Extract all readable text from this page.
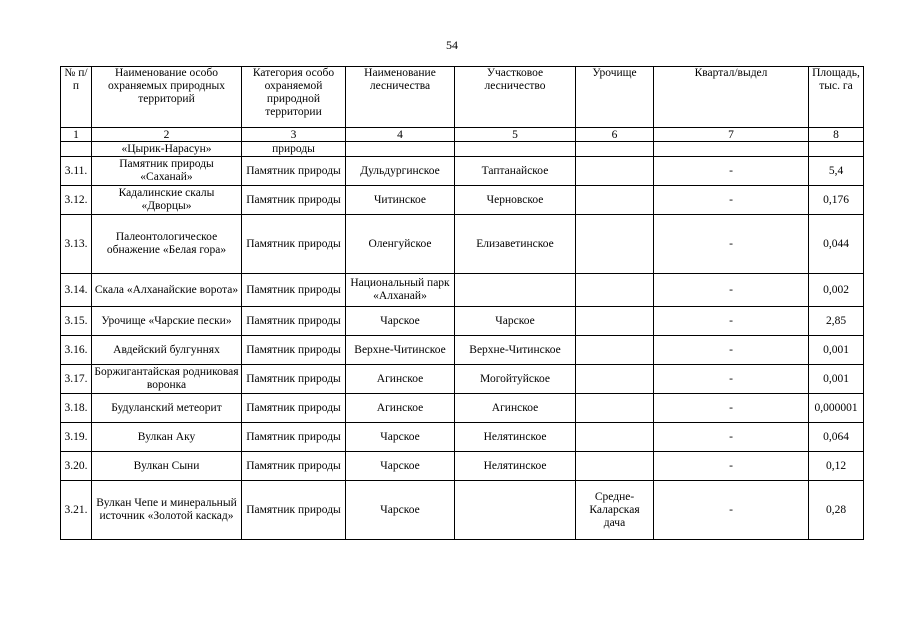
54
№ п/п	Наименование особо охраняемых природных территорий	Категория особо охраняемой природной территории	Наименование лесничества	Участковое лесничество	Урочище	Квартал/выдел	Площадь, тыс. га
1	2	3	4	5	6	7	8
	«Цырик-Нарасун»	природы					
3.11.	Памятник природы «Саханай»	Памятник природы	Дульдургинское	Таптанайское		-	5,4
3.12.	Кадалинские скалы «Дворцы»	Памятник природы	Читинское	Черновское		-	0,176
3.13.	Палеонтологическое обнажение «Белая гора»	Памятник природы	Оленгуйское	Елизаветинское		-	0,044
3.14.	Скала «Алханайские ворота»	Памятник природы	Национальный парк «Алханай»			-	0,002
3.15.	Урочище «Чарские пески»	Памятник природы	Чарское	Чарское		-	2,85
3.16.	Авдейский булгуннях	Памятник природы	Верхне-Читинское	Верхне-Читинское		-	0,001
3.17.	Боржигантайская родниковая воронка	Памятник природы	Агинское	Могойтуйское		-	0,001
3.18.	Будуланский метеорит	Памятник природы	Агинское	Агинское		-	0,000001
3.19.	Вулкан Аку	Памятник природы	Чарское	Нелятинское		-	0,064
3.20.	Вулкан Сыни	Памятник природы	Чарское	Нелятинское		-	0,12
3.21.	Вулкан Чепе и минеральный источник «Золотой каскад»	Памятник природы	Чарское		Средне-Каларская дача	-	0,28
